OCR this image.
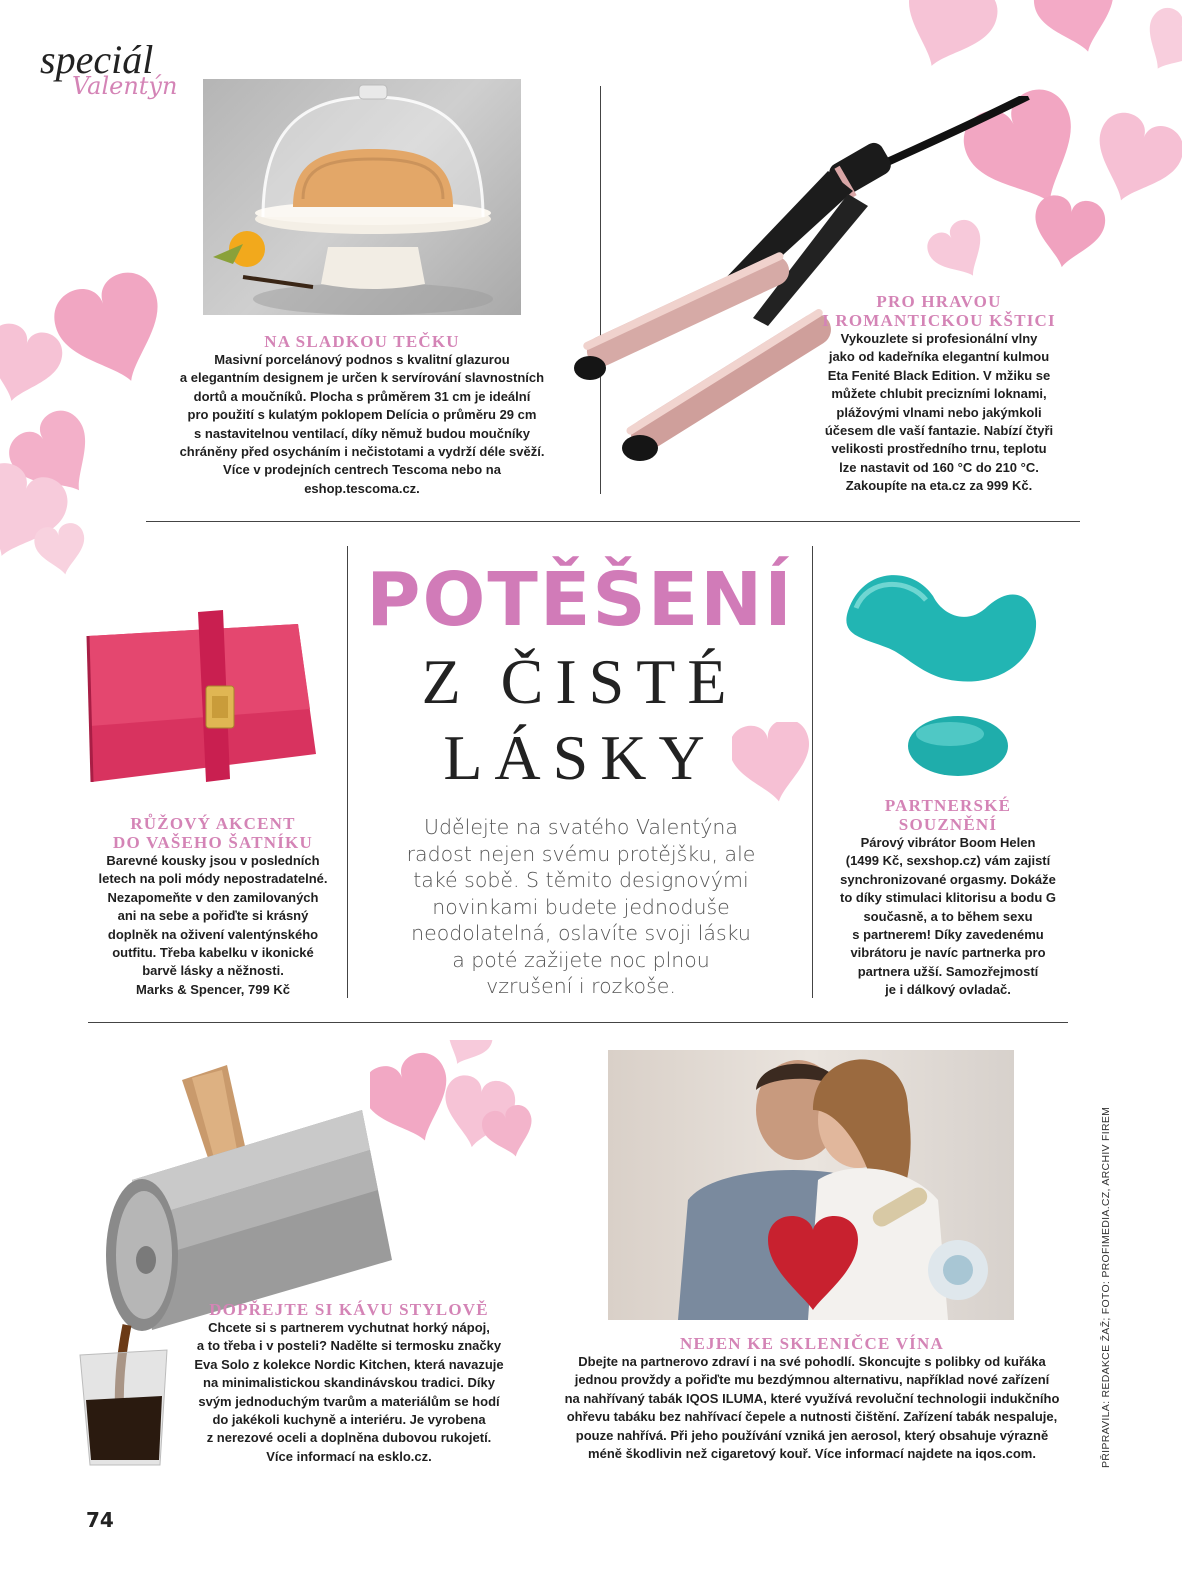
speciál
Valentýn
NA SLADKOU TEČKU

Masivní porcelánový podnos s kvalitní glazurou
a elegantním designem je určen k servírování slavnostních
dortů a moučníků. Plocha s průměrem 31 cm je ideální
pro použití s kulatým poklopem Delícia o průměru 29 cm
s nastavitelnou ventilací, díky němuž budou moučníky
chráněny před osycháním i nečistotami a vydrží déle svěží.
Více v prodejních centrech Tescoma nebo na
eshop.tescoma.cz.

PRO HRAVOU
I ROMANTICKOU KŠTICI

Vykouzlete si profesionální vlny
jako od kadeřníka elegantní kulmou
Eta Fenité Black Edition. V mžiku se
můžete chlubit precizními loknami,
plážovými vlnami nebo jakýmkoli
účesem dle vaší fantazie. Nabízí čtyři
velikosti prostředního trnu, teplotu
lze nastavit od 160 °C do 210 °C.
Zakoupíte na eta.cz za 999 Kč.

RŮŽOVÝ AKCENT
DO VAŠEHO ŠATNÍKU

Barevné kousky jsou v posledních
letech na poli módy nepostradatelné.
Nezapomeňte v den zamilovaných
ani na sebe a pořiďte si krásný
doplněk na oživení valentýnského
outfitu. Třeba kabelku v ikonické
barvě lásky a něžnosti.
Marks & Spencer, 799 Kč

POTĚŠENÍ
Z ČISTÉ
LÁSKY
Udělejte na svatého Valentýna
radost nejen svému protějšku, ale
také sobě. S těmito designovými
novinkami budete jednoduše
neodolatelná, oslavíte svoji lásku
a poté zažijete noc plnou
vzrušení i rozkoše.
PARTNERSKÉ
SOUZNĚNÍ

Párový vibrátor Boom Helen
(1499 Kč, sexshop.cz) vám zajistí
synchronizované orgasmy. Dokáže
to díky stimulaci klitorisu a bodu G
současně, a to během sexu
s partnerem! Díky zavedenému
vibrátoru je navíc partnerka pro
partnera užší. Samozřejmostí
je i dálkový ovladač.

DOPŘEJTE SI KÁVU STYLOVĚ

Chcete si s partnerem vychutnat horký nápoj,
a to třeba i v posteli? Nadělte si termosku značky
Eva Solo z kolekce Nordic Kitchen, která navazuje
na minimalistickou skandinávskou tradici. Díky
svým jednoduchým tvarům a materiálům se hodí
do jakékoli kuchyně a interiéru. Je vyrobena
z nerezové oceli a doplněna dubovou rukojetí.
Více informací na esklo.cz.

NEJEN KE SKLENIČCE VÍNA

Dbejte na partnerovo zdraví i na své pohodlí. Skoncujte s polibky od kuřáka
jednou provždy a pořiďte mu bezdýmnou alternativu, například nové zařízení
na nahřívaný tabák IQOS ILUMA, které využívá revoluční technologii indukčního
ohřevu tabáku bez nahřívací čepele a nutnosti čištění. Zařízení tabák nespaluje,
pouze nahřívá. Při jeho používání vzniká jen aerosol, který obsahuje výrazně
méně škodlivin než cigaretový kouř. Více informací najdete na iqos.com.	PŘIPRAVILA: REDAKCE ŽAŽ; FOTO: PROFIMEDIA.CZ, ARCHIV FIREM
74
